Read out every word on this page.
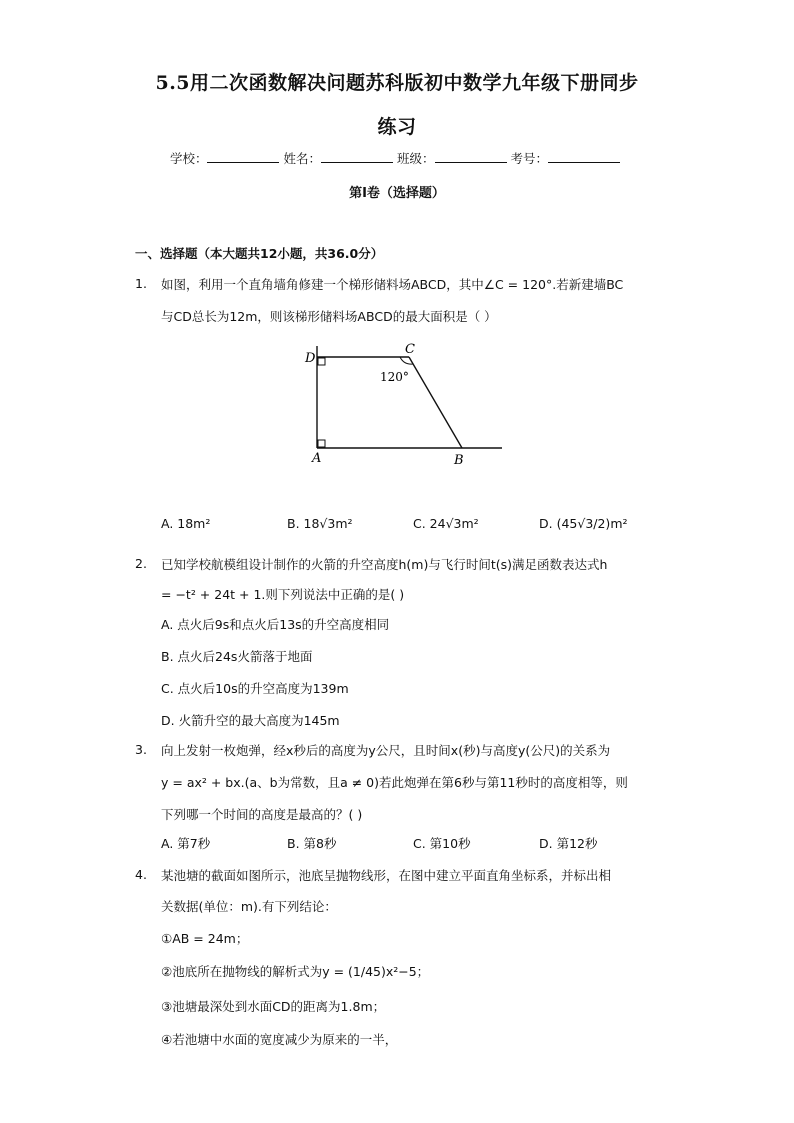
5.5用二次函数解决问题苏科版初中数学九年级下册同步
练习
学校：	姓名：	班级：	考号：
第I卷（选择题）
一、选择题（本大题共12小题，共36.0分）
1. 如图，利用一个直角墙角修建一个梯形储料场ABCD，其中∠C = 120°.若新建墙BC
与CD总长为12m，则该梯形储料场ABCD的最大面积是（ ）
D
C
120°
A	B
A. 18m²	B. 18√3m²	C. 24√3m²	D. (45√3/2)m²
2. 已知学校航模组设计制作的火箭的升空高度h(m)与飞行时间t(s)满足函数表达式h
= −t² + 24t + 1.则下列说法中正确的是( )
A. 点火后9s和点火后13s的升空高度相同
B. 点火后24s火箭落于地面
C. 点火后10s的升空高度为139m
D. 火箭升空的最大高度为145m
3. 向上发射一枚炮弹，经x秒后的高度为y公尺，且时间x(秒)与高度y(公尺)的关系为
y = ax² + bx.(a、b为常数，且a ≠ 0)若此炮弹在第6秒与第11秒时的高度相等，则
下列哪一个时间的高度是最高的？( )
A. 第7秒	B. 第8秒	C. 第10秒	D. 第12秒
4. 某池塘的截面如图所示，池底呈抛物线形，在图中建立平面直角坐标系，并标出相
关数据(单位：m).有下列结论：
①AB = 24m；
②池底所在抛物线的解析式为y = (1/45)x²−5；
③池塘最深处到水面CD的距离为1.8m；
④若池塘中水面的宽度减少为原来的一半，
